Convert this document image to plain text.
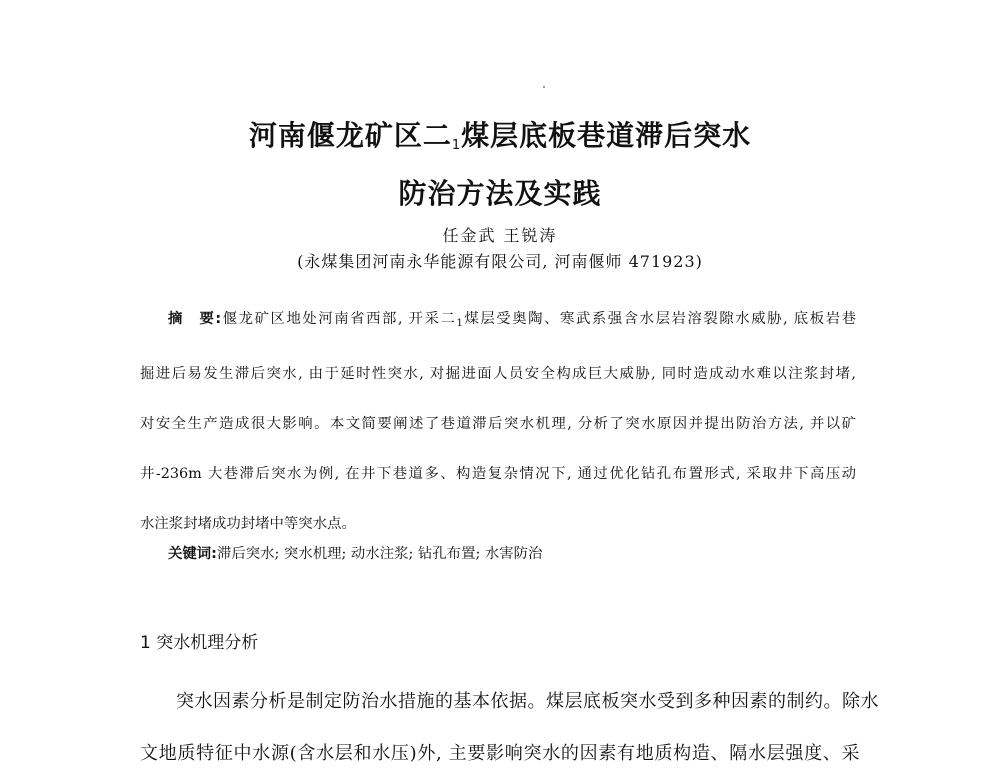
河南偃龙矿区二$_1$煤层底板巷道滞后突水
防治方法及实践
任金武 王锐涛
(永煤集团河南永华能源有限公司, 河南偃师 471923)
摘 要:偃龙矿区地处河南省西部, 开采二$_1$煤层受奥陶、寒武系强含水层岩溶裂隙水威胁, 底板岩巷
掘进后易发生滞后突水, 由于延时性突水, 对掘进面人员安全构成巨大威胁, 同时造成动水难以注浆封堵,
对安全生产造成很大影响。本文简要阐述了巷道滞后突水机理, 分析了突水原因并提出防治方法, 并以矿
井-236m 大巷滞后突水为例, 在井下巷道多、构造复杂情况下, 通过优化钻孔布置形式, 采取井下高压动
水注浆封堵成功封堵中等突水点。
关键词:滞后突水; 突水机理; 动水注浆; 钻孔布置; 水害防治
1 突水机理分析
突水因素分析是制定防治水措施的基本依据。煤层底板突水受到多种因素的制约。除水
文地质特征中水源(含水层和水压)外, 主要影响突水的因素有地质构造、隔水层强度、采
